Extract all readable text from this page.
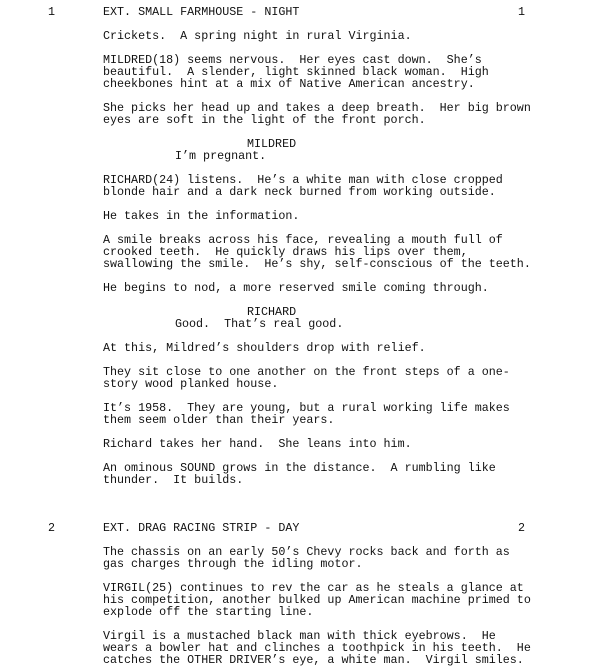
1	EXT. SMALL FARMHOUSE - NIGHT	1
Crickets.  A spring night in rural Virginia.
MILDRED(18) seems nervous.  Her eyes cast down.  She’s
beautiful.  A slender, light skinned black woman.  High
cheekbones hint at a mix of Native American ancestry.
She picks her head up and takes a deep breath.  Her big brown
eyes are soft in the light of the front porch.
MILDRED
I’m pregnant.
RICHARD(24) listens.  He’s a white man with close cropped
blonde hair and a dark neck burned from working outside.
He takes in the information.
A smile breaks across his face, revealing a mouth full of
crooked teeth.  He quickly draws his lips over them,
swallowing the smile.  He’s shy, self-conscious of the teeth.
He begins to nod, a more reserved smile coming through.
RICHARD
Good.  That’s real good.
At this, Mildred’s shoulders drop with relief.
They sit close to one another on the front steps of a one-
story wood planked house.
It’s 1958.  They are young, but a rural working life makes
them seem older than their years.
Richard takes her hand.  She leans into him.
An ominous SOUND grows in the distance.  A rumbling like
thunder.  It builds.
2	EXT. DRAG RACING STRIP - DAY	2
The chassis on an early 50’s Chevy rocks back and forth as
gas charges through the idling motor.
VIRGIL(25) continues to rev the car as he steals a glance at
his competition, another bulked up American machine primed to
explode off the starting line.
Virgil is a mustached black man with thick eyebrows.  He
wears a bowler hat and clinches a toothpick in his teeth.  He
catches the OTHER DRIVER’s eye, a white man.  Virgil smiles.
